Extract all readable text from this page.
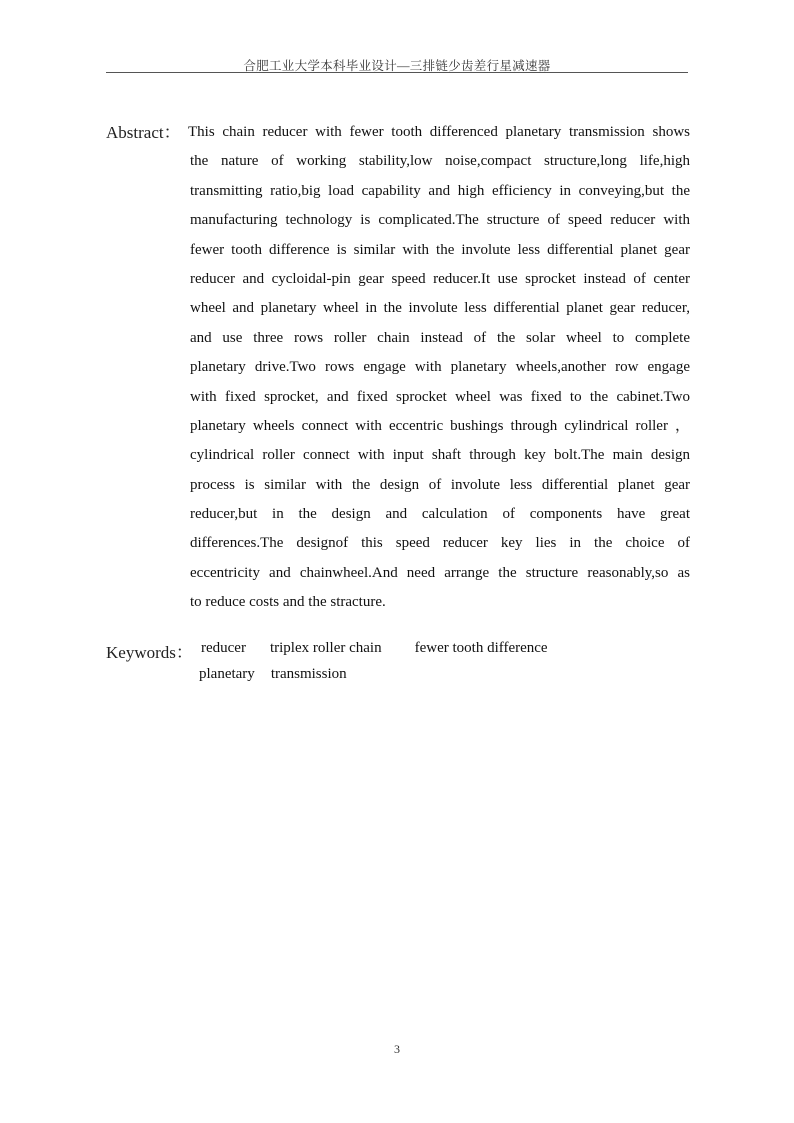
合肥工业大学本科毕业设计—三排链少齿差行星减速器
Abstract： This chain reducer with fewer tooth differenced planetary transmission shows
the nature of working stability,low noise,compact structure,long life,high
transmitting ratio,big load capability and high efficiency in conveying,but the
manufacturing technology is complicated.The structure of speed reducer with
fewer tooth difference is similar with the involute less differential planet gear
reducer and cycloidal-pin gear speed reducer.It use sprocket instead of center
wheel and planetary wheel in the involute less differential planet gear reducer,
and use three rows roller chain instead of the solar wheel to complete
planetary drive.Two rows engage with planetary wheels,another row engage
with fixed sprocket, and fixed sprocket wheel was fixed to the cabinet.Two
planetary wheels connect with eccentric bushings through cylindrical roller ，
cylindrical roller connect with input shaft through key bolt.The main design
process is similar with the design of involute less differential planet gear
reducer,but in the design and calculation of components have great
differences.The designof this speed reducer key lies in the choice of
eccentricity and chainwheel.And need arrange the structure reasonably,so as
to reduce costs and the stracture.
Keywords： reducer triplex roller chain fewer tooth difference
planetary transmission
3
